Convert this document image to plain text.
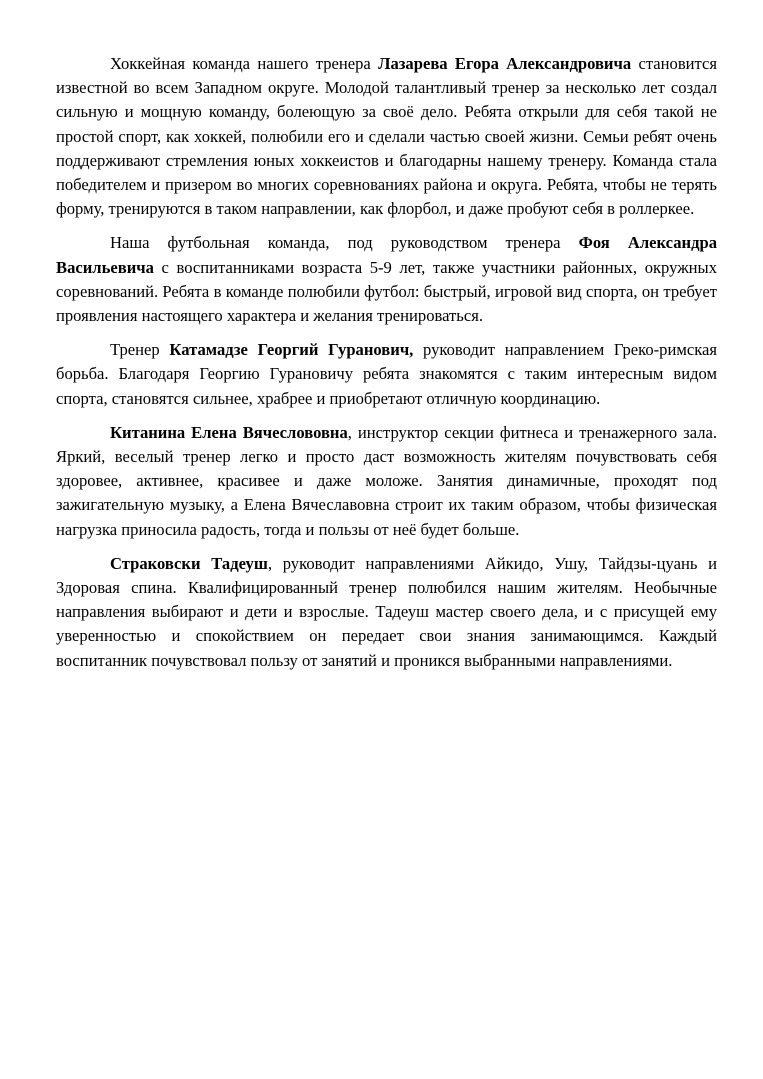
Хоккейная команда нашего тренера Лазарева Егора Александровича становится известной во всем Западном округе. Молодой талантливый тренер за несколько лет создал сильную и мощную команду, болеющую за своё дело. Ребята открыли для себя такой не простой спорт, как хоккей, полюбили его и сделали частью своей жизни. Семьи ребят очень поддерживают стремления юных хоккеистов и благодарны нашему тренеру. Команда стала победителем и призером во многих соревнованиях района и округа. Ребята, чтобы не терять форму, тренируются в таком направлении, как флорбол, и даже пробуют себя в роллеркее.

Наша футбольная команда, под руководством тренера Фоя Александра Васильевича с воспитанниками возраста 5-9 лет, также участники районных, окружных соревнований. Ребята в команде полюбили футбол: быстрый, игровой вид спорта, он требует проявления настоящего характера и желания тренироваться.

Тренер Катамадзе Георгий Гуранович, руководит направлением Греко-римская борьба. Благодаря Георгию Гурановичу ребята знакомятся с таким интересным видом спорта, становятся сильнее, храбрее и приобретают отличную координацию.

Китанина Елена Вячеслововна, инструктор секции фитнеса и тренажерного зала. Яркий, веселый тренер легко и просто даст возможность жителям почувствовать себя здоровее, активнее, красивее и даже моложе. Занятия динамичные, проходят под зажигательную музыку, а Елена Вячеславовна строит их таким образом, чтобы физическая нагрузка приносила радость, тогда и пользы от неё будет больше.

Страковски Тадеуш, руководит направлениями Айкидо, Ушу, Тайдзы-цуань и Здоровая спина. Квалифицированный тренер полюбился нашим жителям. Необычные направления выбирают и дети и взрослые. Тадеуш мастер своего дела, и с присущей ему уверенностью и спокойствием он передает свои знания занимающимся. Каждый воспитанник почувствовал пользу от занятий и проникся выбранными направлениями.
